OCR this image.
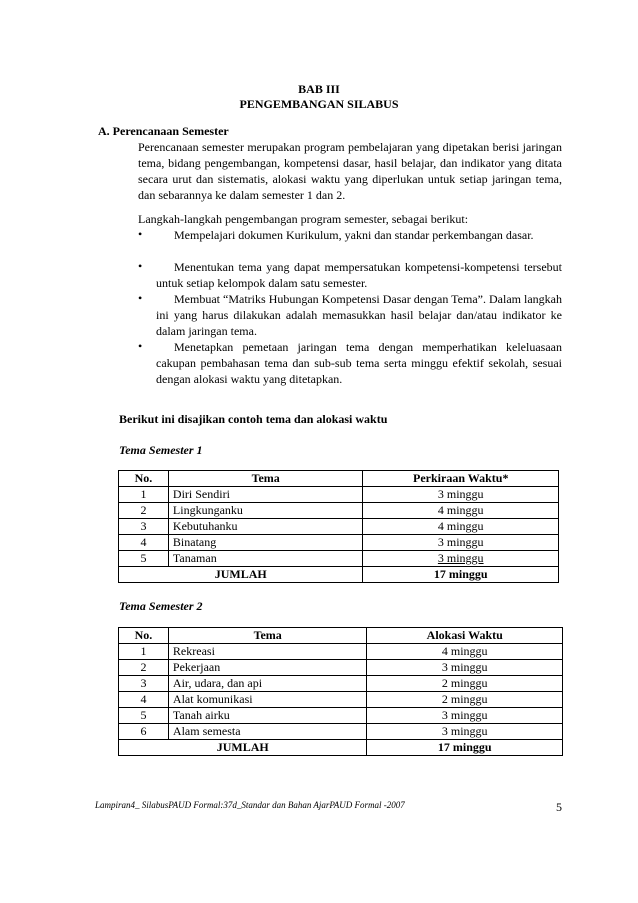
BAB III
PENGEMBANGAN SILABUS
A. Perencanaan Semester
Perencanaan semester merupakan program pembelajaran yang dipetakan berisi jaringan tema, bidang pengembangan, kompetensi dasar, hasil belajar, dan indikator yang ditata secara urut dan sistematis, alokasi waktu yang diperlukan untuk setiap jaringan tema, dan sebarannya ke dalam semester 1 dan 2.
Langkah-langkah pengembangan program semester, sebagai berikut:
•	Mempelajari dokumen Kurikulum, yakni dan standar perkembangan dasar.
•	Menentukan tema yang dapat mempersatukan kompetensi-kompetensi tersebut untuk setiap kelompok dalam satu semester.
•	Membuat “Matriks Hubungan Kompetensi Dasar dengan Tema”. Dalam langkah ini yang harus dilakukan adalah memasukkan hasil belajar dan/atau indikator ke dalam jaringan tema.
•	Menetapkan pemetaan jaringan tema dengan memperhatikan keleluasaan cakupan pembahasan tema dan sub-sub tema serta minggu efektif sekolah, sesuai dengan alokasi waktu yang ditetapkan.
Berikut ini disajikan contoh tema dan alokasi waktu
Tema Semester 1
No.	Tema	Perkiraan Waktu*
1	Diri Sendiri	3 minggu
2	Lingkunganku	4 minggu
3	Kebutuhanku	4 minggu
4	Binatang	3 minggu
5	Tanaman	3 minggu
JUMLAH		17 minggu
Tema Semester 2
No.	Tema	Alokasi Waktu
1	Rekreasi	4 minggu
2	Pekerjaan	3 minggu
3	Air, udara, dan api	2 minggu
4	Alat komunikasi	2 minggu
5	Tanah airku	3 minggu
6	Alam semesta	3 minggu
JUMLAH		17 minggu
Lampiran4_ SilabusPAUD Formal:37d_Standar dan Bahan AjarPAUD Formal -2007	5
